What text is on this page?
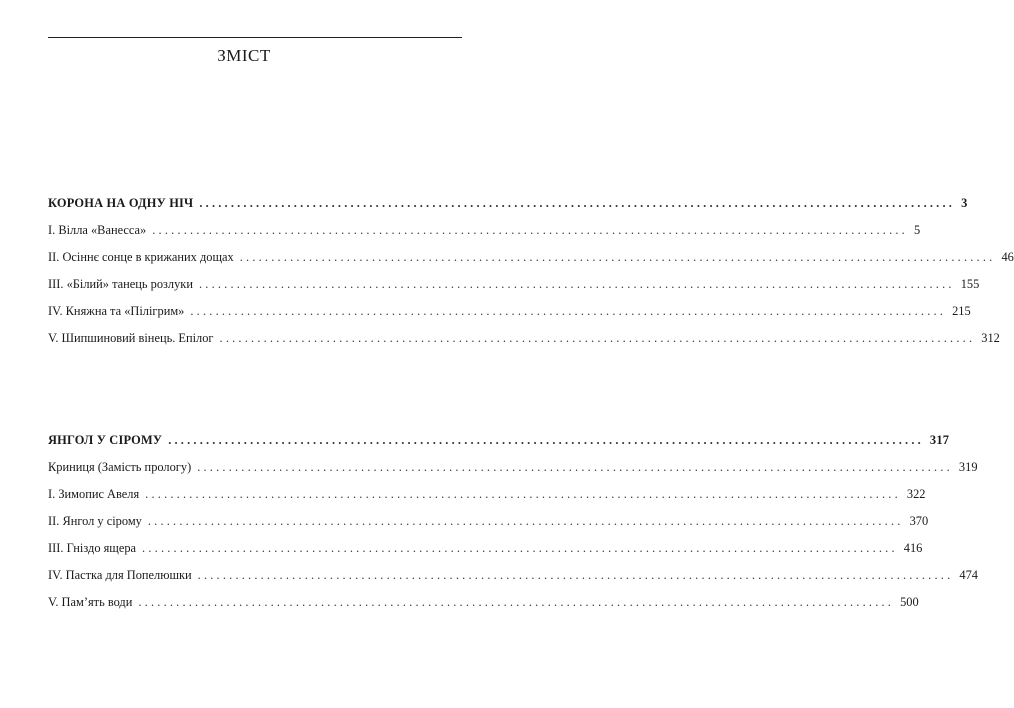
ЗМІСТ
КОРОНА НА ОДНУ НІЧ ........................................................................................................................ 3
I. Вілла «Ванесса» ........................................................................................................................ 5
II. Осіннє сонце в крижаних дощах ........................................................................................................................ 46
III. «Білий» танець розлуки ........................................................................................................................ 155
IV. Княжна та «Пілігрим» ........................................................................................................................ 215
V. Шипшиновий вінець. Епілог ........................................................................................................................ 312
ЯНГОЛ У СІРОМУ ........................................................................................................................ 317
Криниця (Замість прологу) ........................................................................................................................ 319
I. Зимопис Авеля ........................................................................................................................ 322
II. Янгол у сірому ........................................................................................................................ 370
III. Гніздо ящера ........................................................................................................................ 416
IV. Пастка для Попелюшки ........................................................................................................................ 474
V. Пам’ять води ........................................................................................................................ 500
